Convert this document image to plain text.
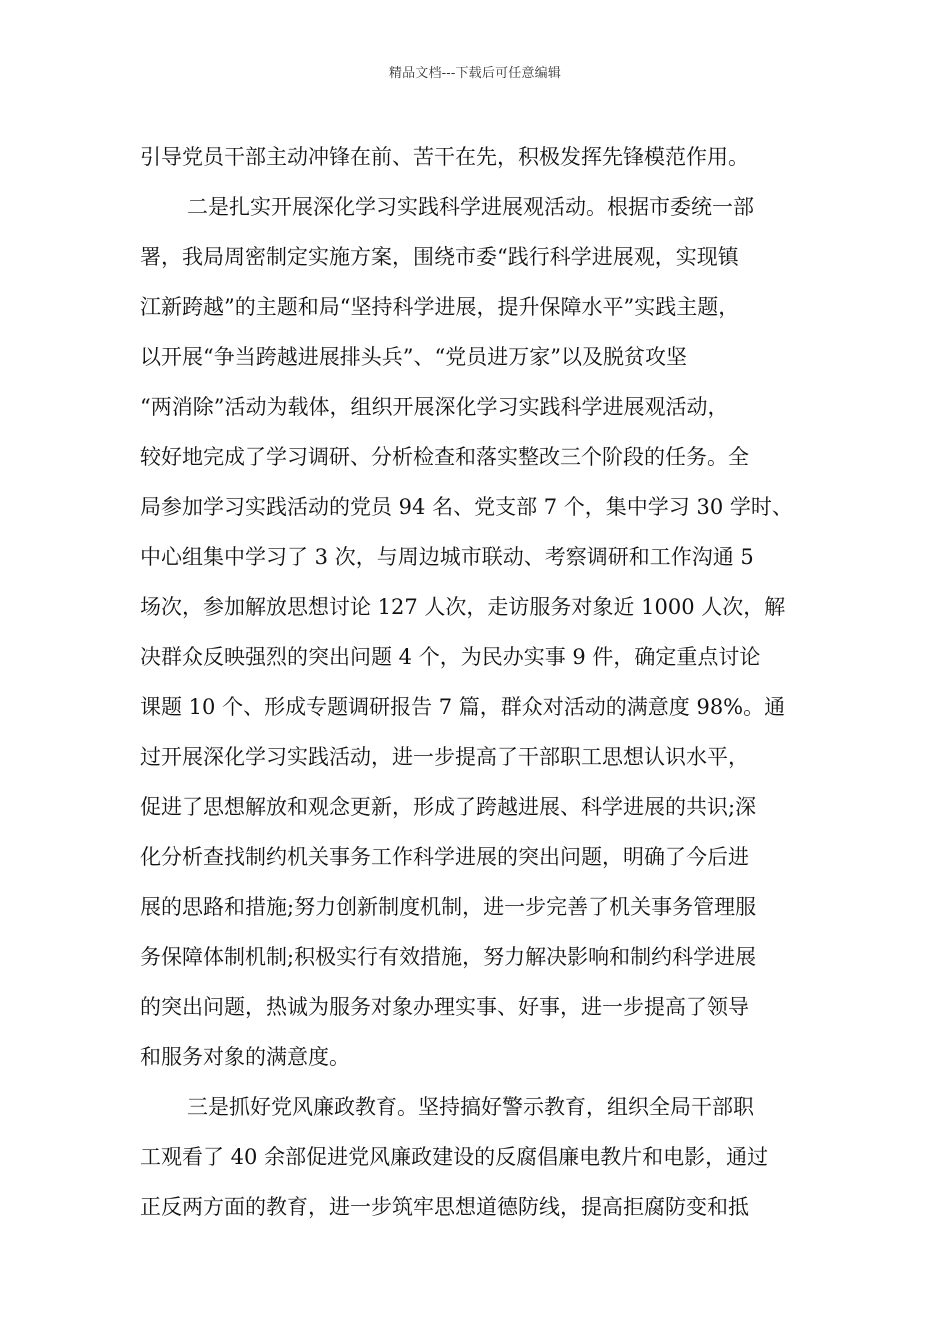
精品文档---下载后可任意编辑
引导党员干部主动冲锋在前、苦干在先，积极发挥先锋模范作用。
二是扎实开展深化学习实践科学进展观活动。根据市委统一部
署，我局周密制定实施方案，围绕市委“践行科学进展观，实现镇
江新跨越”的主题和局“坚持科学进展，提升保障水平”实践主题，
以开展“争当跨越进展排头兵”、“党员进万家”以及脱贫攻坚
“两消除”活动为载体，组织开展深化学习实践科学进展观活动，
较好地完成了学习调研、分析检查和落实整改三个阶段的任务。全
局参加学习实践活动的党员 94 名、党支部 7 个，集中学习 30 学时、
中心组集中学习了 3 次，与周边城市联动、考察调研和工作沟通 5
场次，参加解放思想讨论 127 人次，走访服务对象近 1000 人次，解
决群众反映强烈的突出问题 4 个，为民办实事 9 件，确定重点讨论
课题 10 个、形成专题调研报告 7 篇，群众对活动的满意度 98%。通
过开展深化学习实践活动，进一步提高了干部职工思想认识水平，
促进了思想解放和观念更新，形成了跨越进展、科学进展的共识;深
化分析查找制约机关事务工作科学进展的突出问题，明确了今后进
展的思路和措施;努力创新制度机制，进一步完善了机关事务管理服
务保障体制机制;积极实行有效措施，努力解决影响和制约科学进展
的突出问题，热诚为服务对象办理实事、好事，进一步提高了领导
和服务对象的满意度。
三是抓好党风廉政教育。坚持搞好警示教育，组织全局干部职
工观看了 40 余部促进党风廉政建设的反腐倡廉电教片和电影，通过
正反两方面的教育，进一步筑牢思想道德防线，提高拒腐防变和抵
